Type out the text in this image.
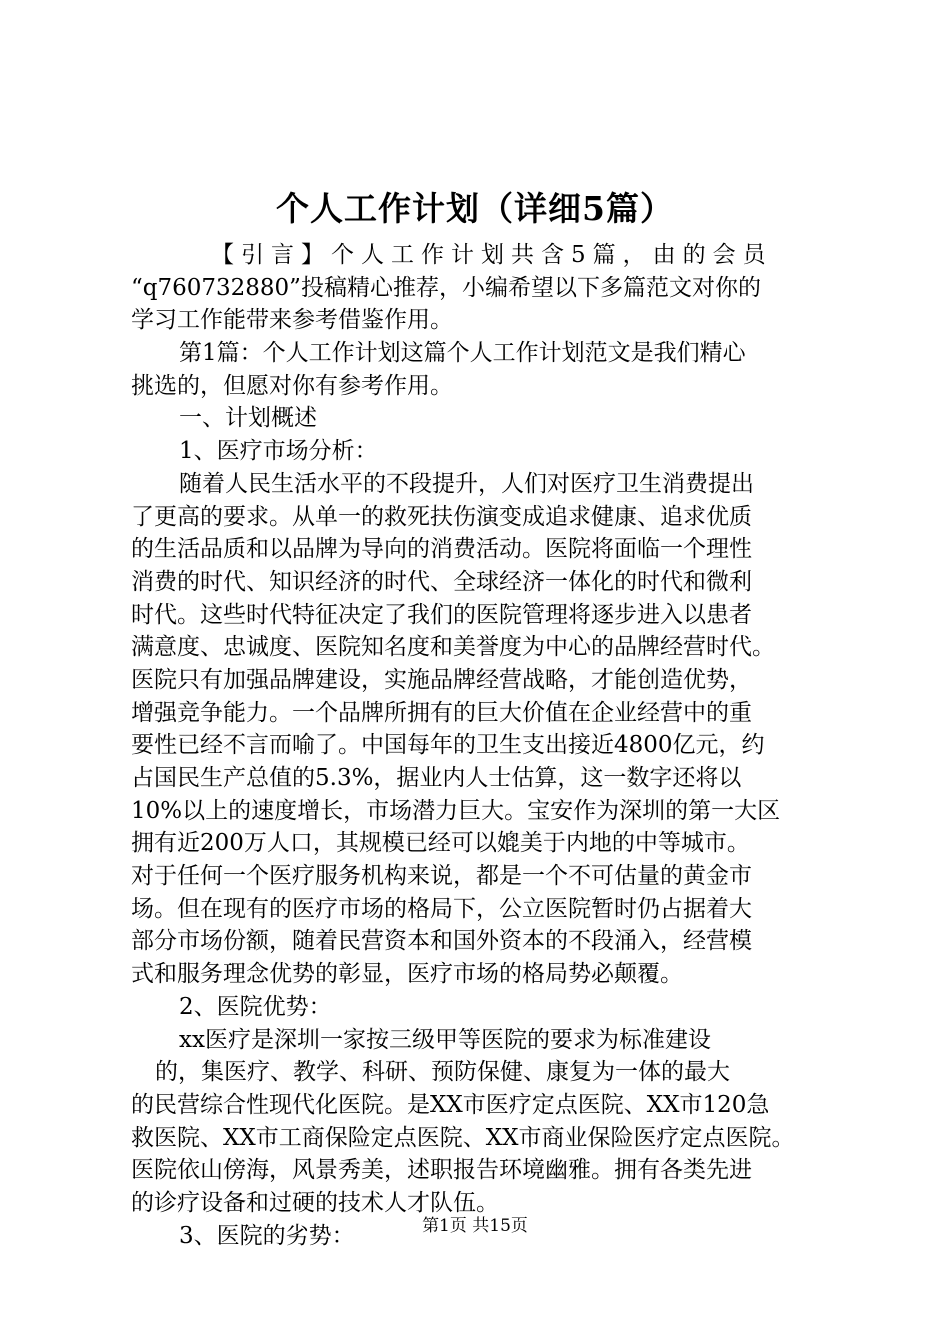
个人工作计划（详细5篇）
【引言】个人工作计划共含5篇，由的会员
“q760732880”投稿精心推荐，小编希望以下多篇范文对你的
学习工作能带来参考借鉴作用。
第1篇：个人工作计划这篇个人工作计划范文是我们精心
挑选的，但愿对你有参考作用。
一、计划概述
1、医疗市场分析：
随着人民生活水平的不段提升，人们对医疗卫生消费提出
了更高的要求。从单一的救死扶伤演变成追求健康、追求优质
的生活品质和以品牌为导向的消费活动。医院将面临一个理性
消费的时代、知识经济的时代、全球经济一体化的时代和微利
时代。这些时代特征决定了我们的医院管理将逐步进入以患者
满意度、忠诚度、医院知名度和美誉度为中心的品牌经营时代。
医院只有加强品牌建设，实施品牌经营战略，才能创造优势，
增强竞争能力。一个品牌所拥有的巨大价值在企业经营中的重
要性已经不言而喻了。中国每年的卫生支出接近4800亿元，约
占国民生产总值的5.3%，据业内人士估算，这一数字还将以
10%以上的速度增长，市场潜力巨大。宝安作为深圳的第一大区
拥有近200万人口，其规模已经可以媲美于内地的中等城市。
对于任何一个医疗服务机构来说，都是一个不可估量的黄金市
场。但在现有的医疗市场的格局下，公立医院暂时仍占据着大
部分市场份额，随着民营资本和国外资本的不段涌入，经营模
式和服务理念优势的彰显，医疗市场的格局势必颠覆。
2、医院优势：
xx医疗是深圳一家按三级甲等医院的要求为标准建设
的，集医疗、教学、科研、预防保健、康复为一体的最大
的民营综合性现代化医院。是XX市医疗定点医院、XX市120急
救医院、XX市工商保险定点医院、XX市商业保险医疗定点医院。
医院依山傍海，风景秀美，述职报告环境幽雅。拥有各类先进
的诊疗设备和过硬的技术人才队伍。
3、医院的劣势：	第1页 共15页
